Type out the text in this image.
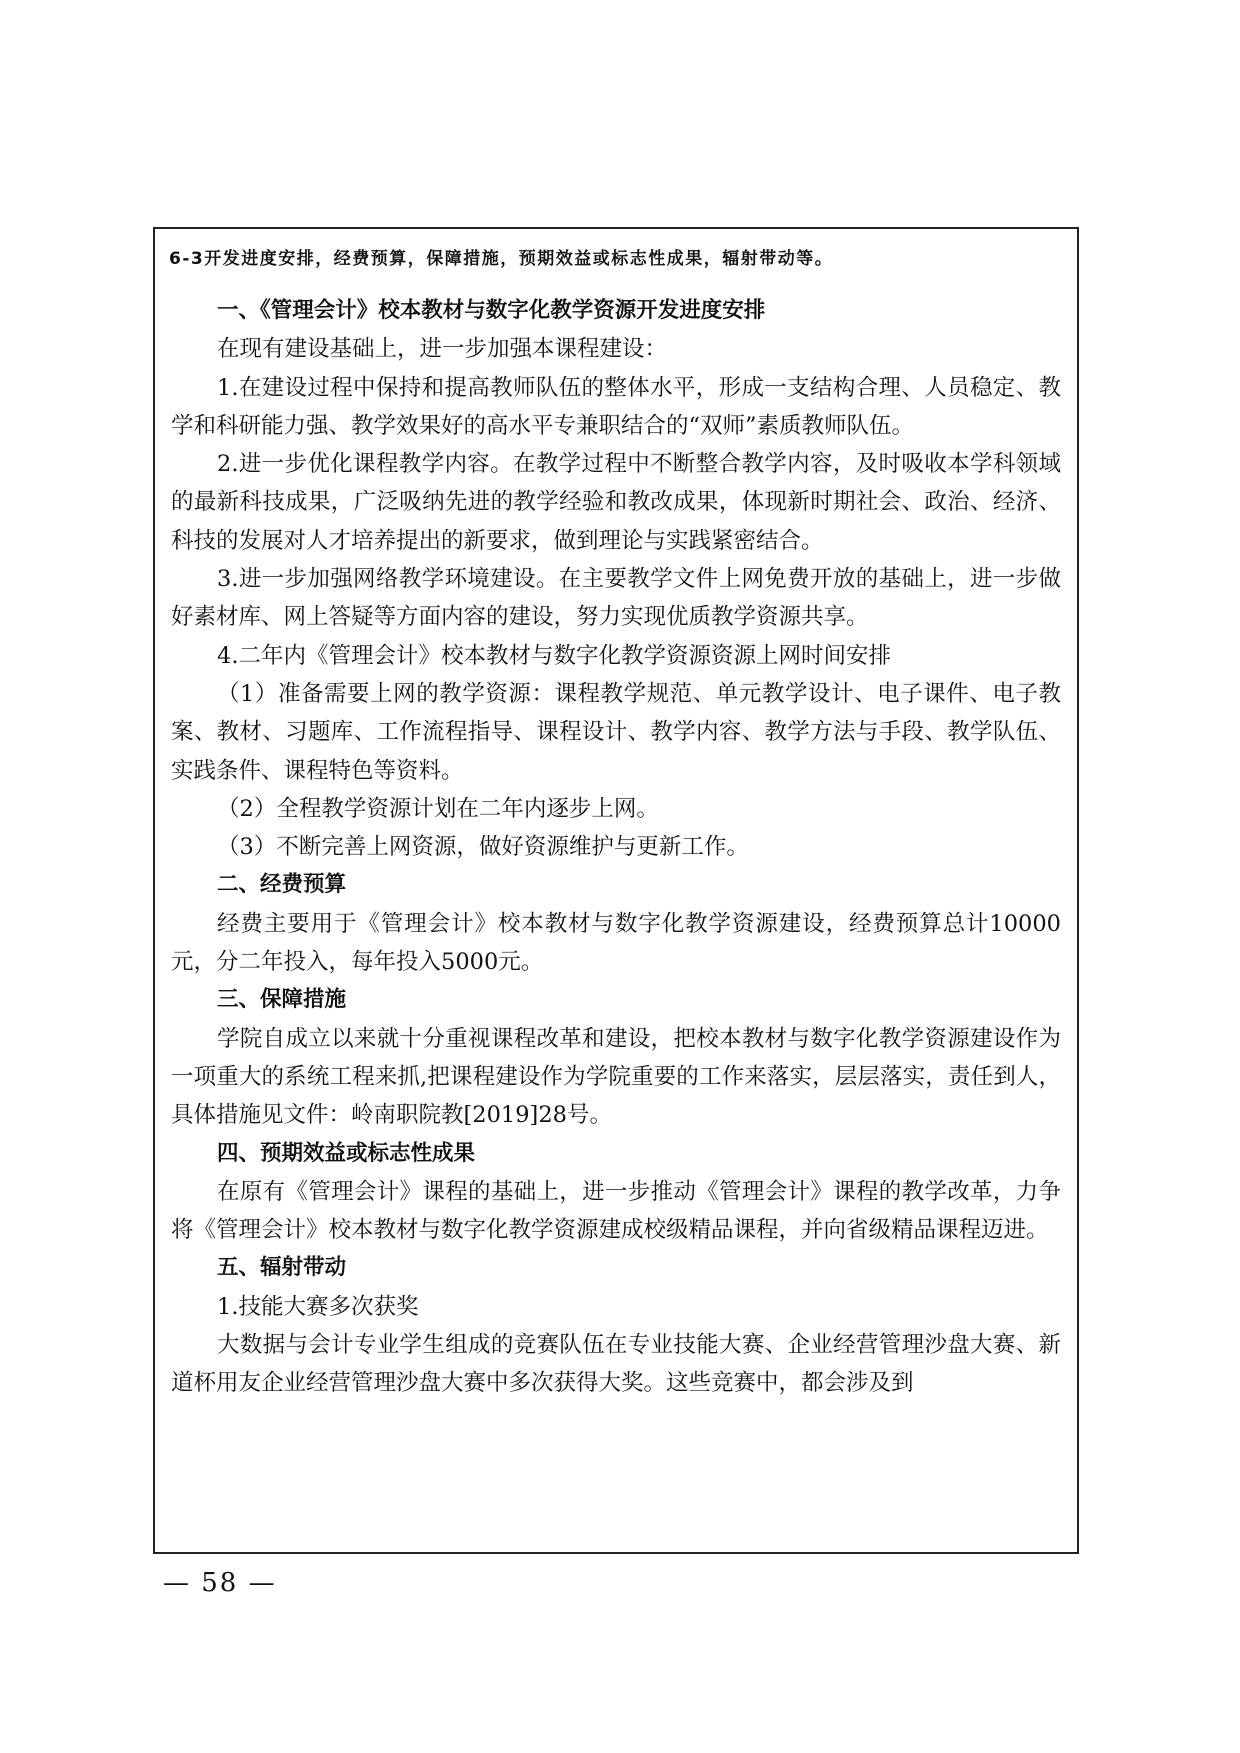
6-3开发进度安排，经费预算，保障措施，预期效益或标志性成果，辐射带动等。

一、《管理会计》校本教材与数字化教学资源开发进度安排

在现有建设基础上，进一步加强本课程建设：

1.在建设过程中保持和提高教师队伍的整体水平，形成一支结构合理、人员稳定、教学和科研能力强、教学效果好的高水平专兼职结合的“双师”素质教师队伍。

2.进一步优化课程教学内容。在教学过程中不断整合教学内容，及时吸收本学科领域的最新科技成果，广泛吸纳先进的教学经验和教改成果，体现新时期社会、政治、经济、科技的发展对人才培养提出的新要求，做到理论与实践紧密结合。

3.进一步加强网络教学环境建设。在主要教学文件上网免费开放的基础上，进一步做好素材库、网上答疑等方面内容的建设，努力实现优质教学资源共享。

4.二年内《管理会计》校本教材与数字化教学资源资源上网时间安排

（1）准备需要上网的教学资源：课程教学规范、单元教学设计、电子课件、电子教案、教材、习题库、工作流程指导、课程设计、教学内容、教学方法与手段、教学队伍、实践条件、课程特色等资料。

（2）全程教学资源计划在二年内逐步上网。

（3）不断完善上网资源，做好资源维护与更新工作。

二、经费预算

经费主要用于《管理会计》校本教材与数字化教学资源建设，经费预算总计10000元，分二年投入，每年投入5000元。

三、保障措施

学院自成立以来就十分重视课程改革和建设，把校本教材与数字化教学资源建设作为一项重大的系统工程来抓,把课程建设作为学院重要的工作来落实，层层落实，责任到人，具体措施见文件：岭南职院教[2019]28号。

四、预期效益或标志性成果

在原有《管理会计》课程的基础上，进一步推动《管理会计》课程的教学改革，力争将《管理会计》校本教材与数字化教学资源建成校级精品课程，并向省级精品课程迈进。

五、辐射带动

1.技能大赛多次获奖

大数据与会计专业学生组成的竞赛队伍在专业技能大赛、企业经营管理沙盘大赛、新道杯用友企业经营管理沙盘大赛中多次获得大奖。这些竞赛中，都会涉及到

— 58 —
